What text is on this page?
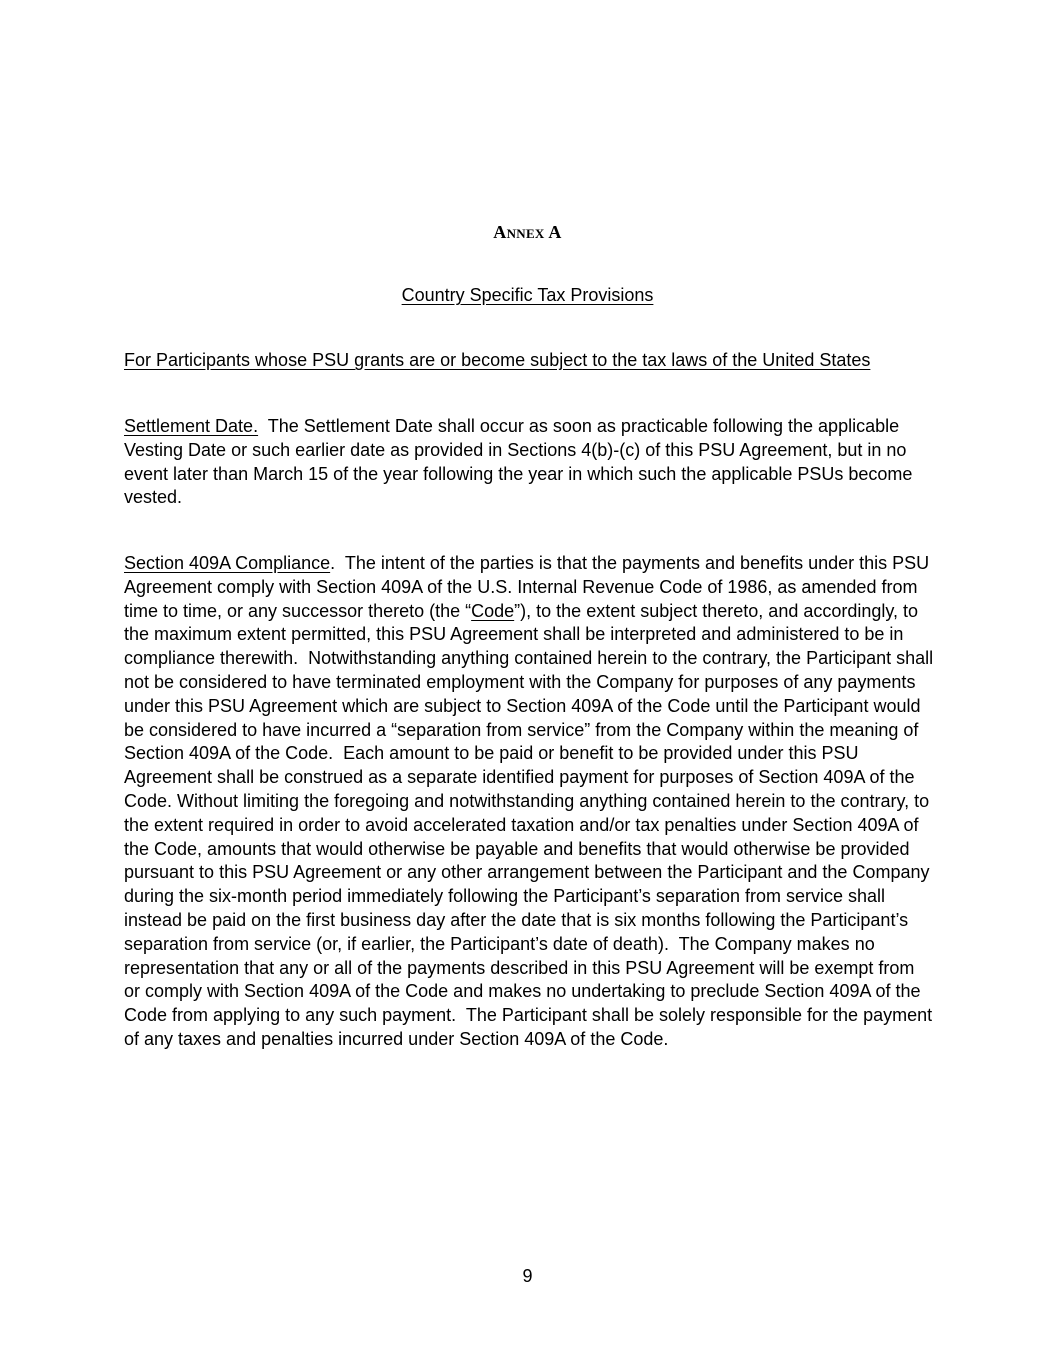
Annex A
Country Specific Tax Provisions
For Participants whose PSU grants are or become subject to the tax laws of the United States
Settlement Date.  The Settlement Date shall occur as soon as practicable following the applicable Vesting Date or such earlier date as provided in Sections 4(b)-(c) of this PSU Agreement, but in no event later than March 15 of the year following the year in which such the applicable PSUs become vested.
Section 409A Compliance.  The intent of the parties is that the payments and benefits under this PSU Agreement comply with Section 409A of the U.S. Internal Revenue Code of 1986, as amended from time to time, or any successor thereto (the “Code”), to the extent subject thereto, and accordingly, to the maximum extent permitted, this PSU Agreement shall be interpreted and administered to be in compliance therewith.  Notwithstanding anything contained herein to the contrary, the Participant shall not be considered to have terminated employment with the Company for purposes of any payments under this PSU Agreement which are subject to Section 409A of the Code until the Participant would be considered to have incurred a “separation from service” from the Company within the meaning of Section 409A of the Code.  Each amount to be paid or benefit to be provided under this PSU Agreement shall be construed as a separate identified payment for purposes of Section 409A of the Code. Without limiting the foregoing and notwithstanding anything contained herein to the contrary, to the extent required in order to avoid accelerated taxation and/or tax penalties under Section 409A of the Code, amounts that would otherwise be payable and benefits that would otherwise be provided pursuant to this PSU Agreement or any other arrangement between the Participant and the Company during the six-month period immediately following the Participant’s separation from service shall instead be paid on the first business day after the date that is six months following the Participant’s separation from service (or, if earlier, the Participant’s date of death).  The Company makes no representation that any or all of the payments described in this PSU Agreement will be exempt from or comply with Section 409A of the Code and makes no undertaking to preclude Section 409A of the Code from applying to any such payment.  The Participant shall be solely responsible for the payment of any taxes and penalties incurred under Section 409A of the Code.
9
